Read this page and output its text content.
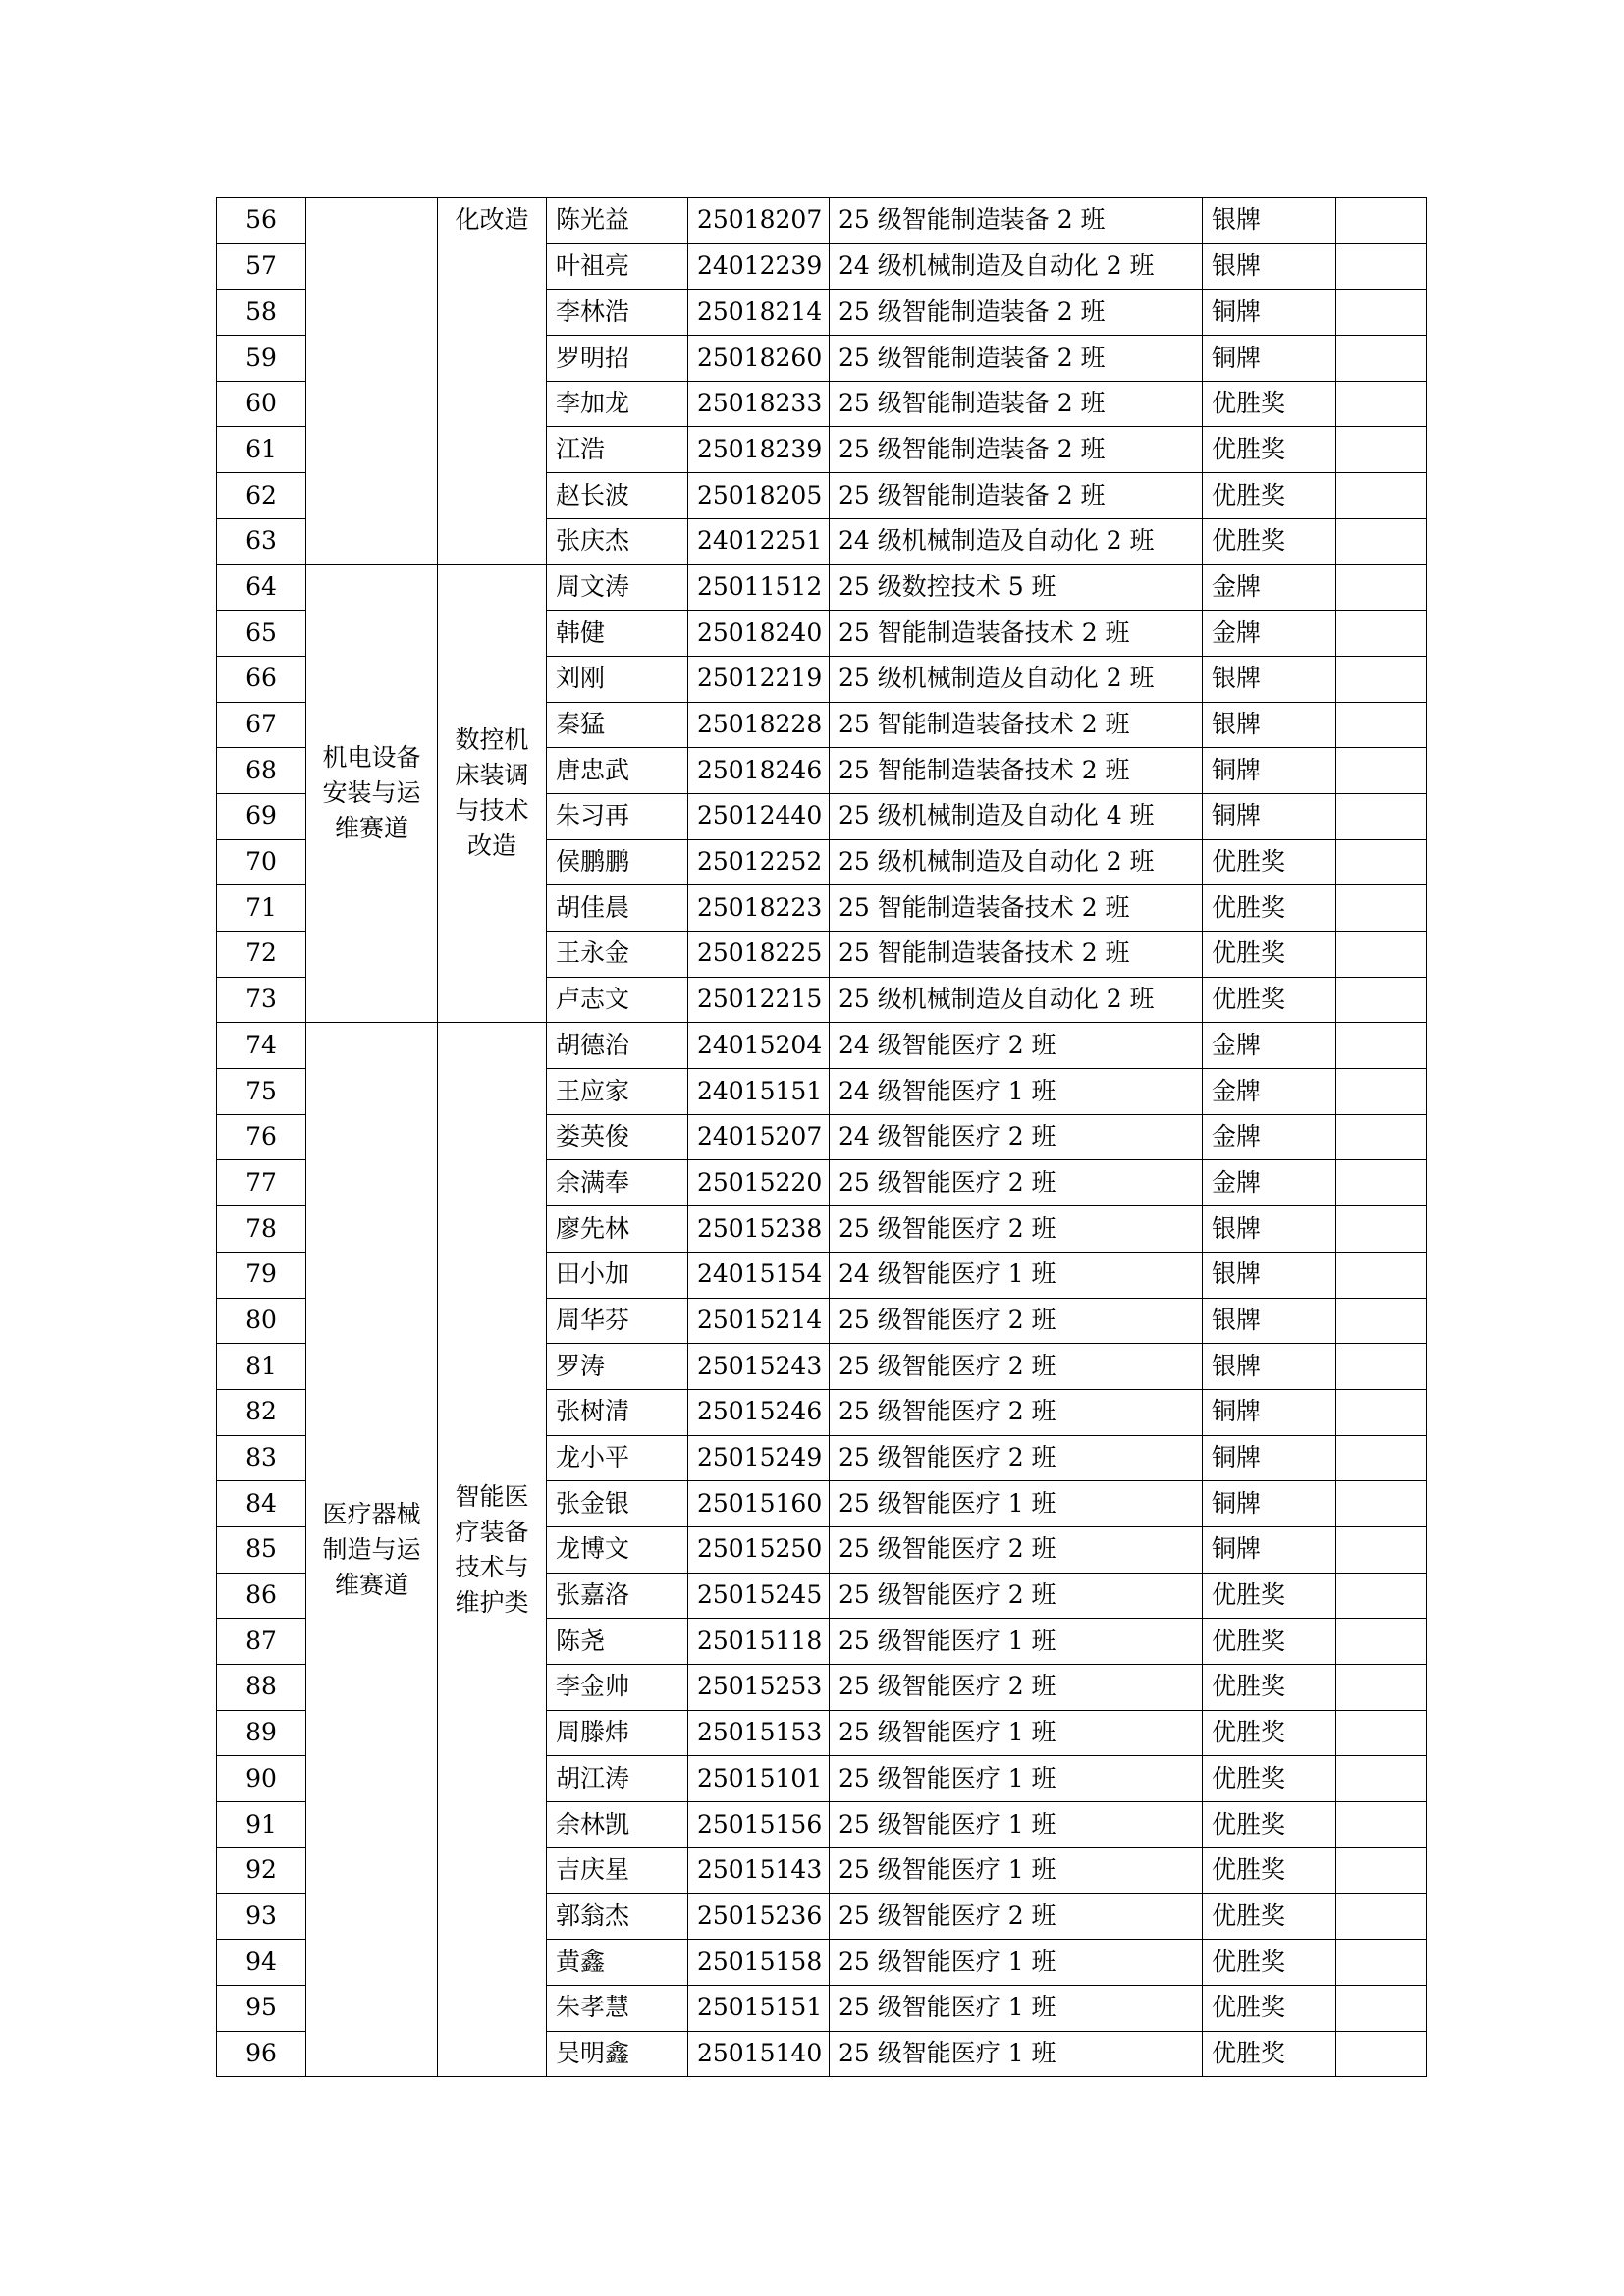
56		化改造	陈光益	25018207	25 级智能制造装备 2 班	银牌	
57			叶祖亮	24012239	24 级机械制造及自动化 2 班	银牌	
58			李林浩	25018214	25 级智能制造装备 2 班	铜牌	
59			罗明招	25018260	25 级智能制造装备 2 班	铜牌	
60			李加龙	25018233	25 级智能制造装备 2 班	优胜奖	
61			江浩	25018239	25 级智能制造装备 2 班	优胜奖	
62			赵长波	25018205	25 级智能制造装备 2 班	优胜奖	
63			张庆杰	24012251	24 级机械制造及自动化 2 班	优胜奖	
64	机电设备安装与运维赛道	数控机床装调与技术改造	周文涛	25011512	25 级数控技术 5 班	金牌	
65			韩健	25018240	25 智能制造装备技术 2 班	金牌	
66			刘刚	25012219	25 级机械制造及自动化 2 班	银牌	
67			秦猛	25018228	25 智能制造装备技术 2 班	银牌	
68			唐忠武	25018246	25 智能制造装备技术 2 班	铜牌	
69			朱习再	25012440	25 级机械制造及自动化 4 班	铜牌	
70			侯鹏鹏	25012252	25 级机械制造及自动化 2 班	优胜奖	
71			胡佳晨	25018223	25 智能制造装备技术 2 班	优胜奖	
72			王永金	25018225	25 智能制造装备技术 2 班	优胜奖	
73			卢志文	25012215	25 级机械制造及自动化 2 班	优胜奖	
74	医疗器械制造与运维赛道	智能医疗装备技术与维护类	胡德治	24015204	24 级智能医疗 2 班	金牌	
75			王应家	24015151	24 级智能医疗 1 班	金牌	
76			娄英俊	24015207	24 级智能医疗 2 班	金牌	
77			余满奉	25015220	25 级智能医疗 2 班	金牌	
78			廖先林	25015238	25 级智能医疗 2 班	银牌	
79			田小加	24015154	24 级智能医疗 1 班	银牌	
80			周华芬	25015214	25 级智能医疗 2 班	银牌	
81			罗涛	25015243	25 级智能医疗 2 班	银牌	
82			张树清	25015246	25 级智能医疗 2 班	铜牌	
83			龙小平	25015249	25 级智能医疗 2 班	铜牌	
84			张金银	25015160	25 级智能医疗 1 班	铜牌	
85			龙博文	25015250	25 级智能医疗 2 班	铜牌	
86			张嘉洛	25015245	25 级智能医疗 2 班	优胜奖	
87			陈尧	25015118	25 级智能医疗 1 班	优胜奖	
88			李金帅	25015253	25 级智能医疗 2 班	优胜奖	
89			周滕炜	25015153	25 级智能医疗 1 班	优胜奖	
90			胡江涛	25015101	25 级智能医疗 1 班	优胜奖	
91			余林凯	25015156	25 级智能医疗 1 班	优胜奖	
92			吉庆星	25015143	25 级智能医疗 1 班	优胜奖	
93			郭翁杰	25015236	25 级智能医疗 2 班	优胜奖	
94			黄鑫	25015158	25 级智能医疗 1 班	优胜奖	
95			朱孝慧	25015151	25 级智能医疗 1 班	优胜奖	
96			吴明鑫	25015140	25 级智能医疗 1 班	优胜奖	
